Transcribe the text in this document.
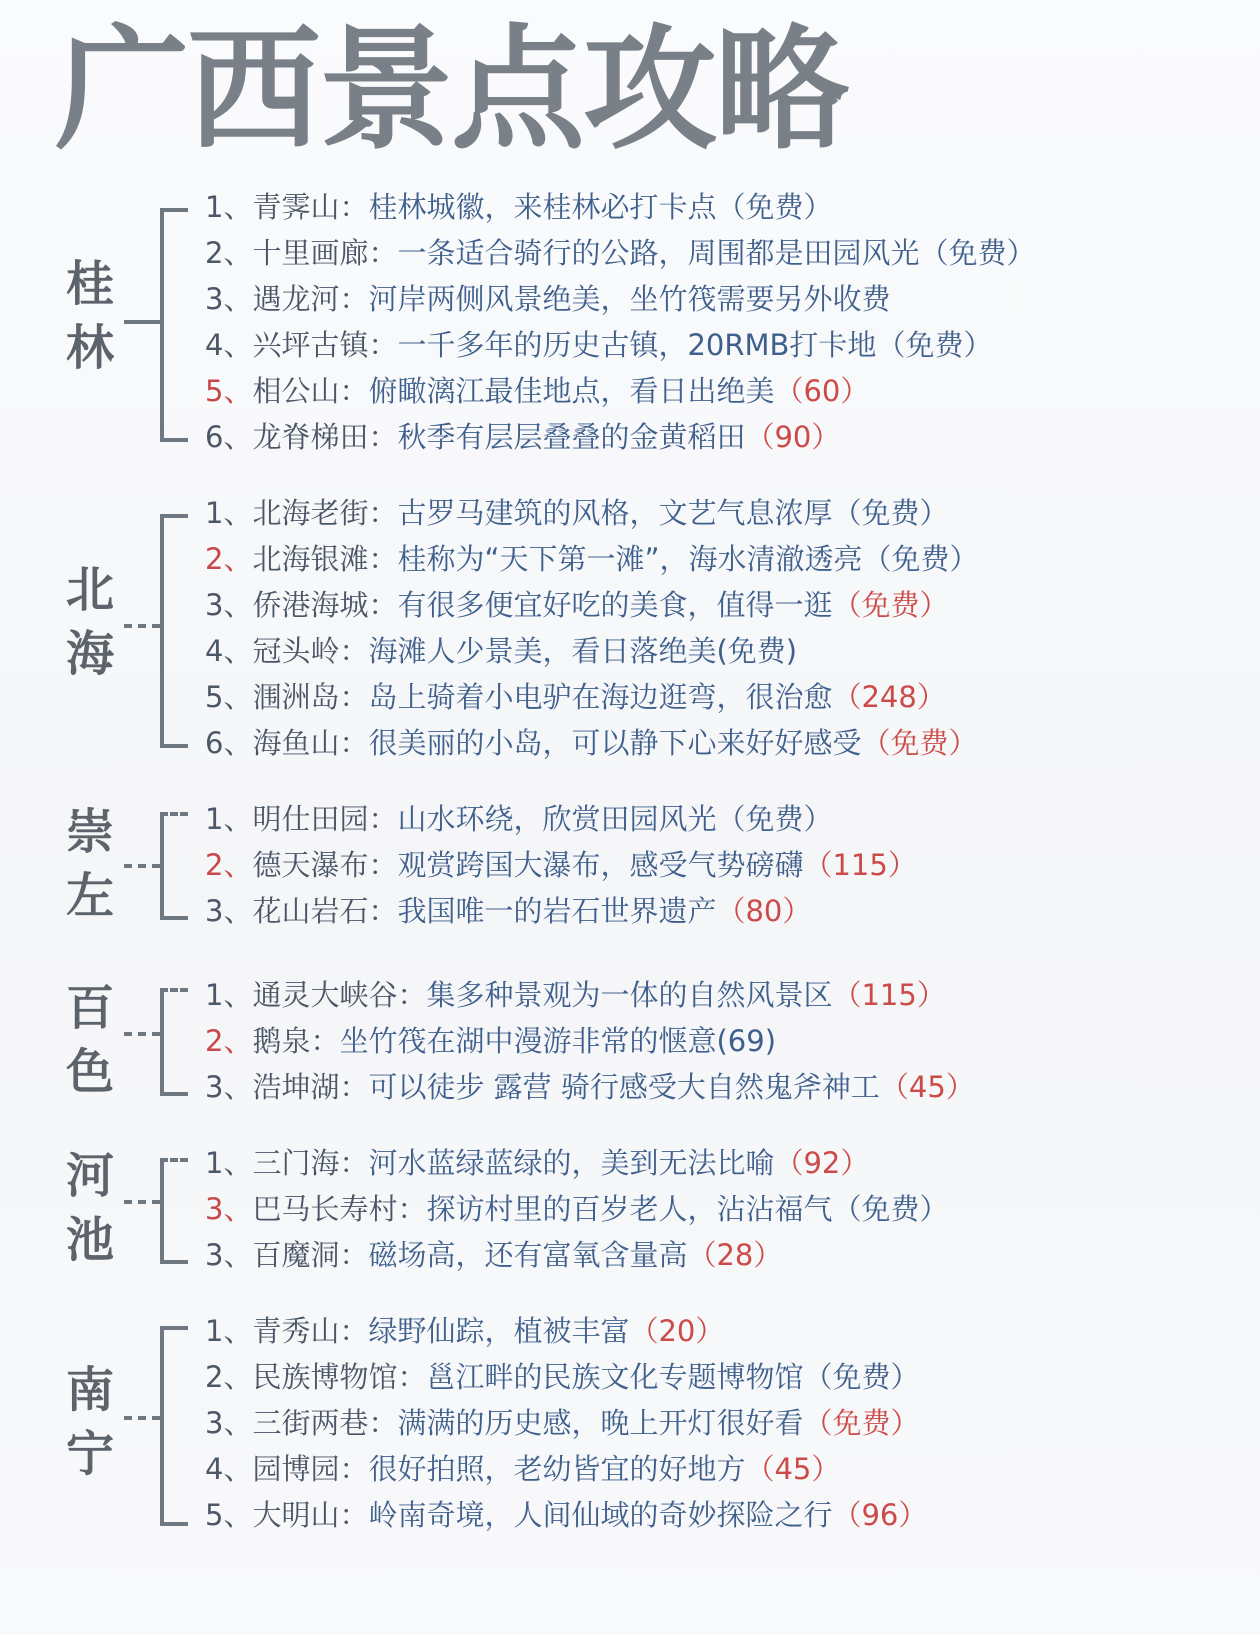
广西景点攻略
桂
林
1、青霁山：桂林城徽，来桂林必打卡点（免费）
2、十里画廊：一条适合骑行的公路，周围都是田园风光（免费）
3、遇龙河：河岸两侧风景绝美，坐竹筏需要另外收费
4、兴坪古镇：一千多年的历史古镇，20RMB打卡地（免费）
5、相公山：俯瞰漓江最佳地点，看日出绝美（60）
6、龙脊梯田：秋季有层层叠叠的金黄稻田（90）
北
海
1、北海老街：古罗马建筑的风格，文艺气息浓厚（免费）
2、北海银滩：桂称为“天下第一滩”，海水清澈透亮（免费）
3、侨港海城：有很多便宜好吃的美食，值得一逛（免费）
4、冠头岭：海滩人少景美，看日落绝美(免费)
5、涠洲岛：岛上骑着小电驴在海边逛弯，很治愈（248）
6、海鱼山：很美丽的小岛，可以静下心来好好感受（免费）
崇
左
1、明仕田园：山水环绕，欣赏田园风光（免费）
2、德天瀑布：观赏跨国大瀑布，感受气势磅礴（115）
3、花山岩石：我国唯一的岩石世界遗产（80）
百
色
1、通灵大峡谷：集多种景观为一体的自然风景区（115）
2、鹅泉：坐竹筏在湖中漫游非常的惬意(69)
3、浩坤湖：可以徒步 露营 骑行感受大自然鬼斧神工（45）
河
池
1、三门海：河水蓝绿蓝绿的，美到无法比喻（92）
3、巴马长寿村：探访村里的百岁老人，沾沾福气（免费）
3、百魔洞：磁场高，还有富氧含量高（28）
南
宁
1、青秀山：绿野仙踪，植被丰富（20）
2、民族博物馆：邕江畔的民族文化专题博物馆（免费）
3、三街两巷：满满的历史感，晚上开灯很好看（免费）
4、园博园：很好拍照，老幼皆宜的好地方（45）
5、大明山：岭南奇境，人间仙域的奇妙探险之行（96）
